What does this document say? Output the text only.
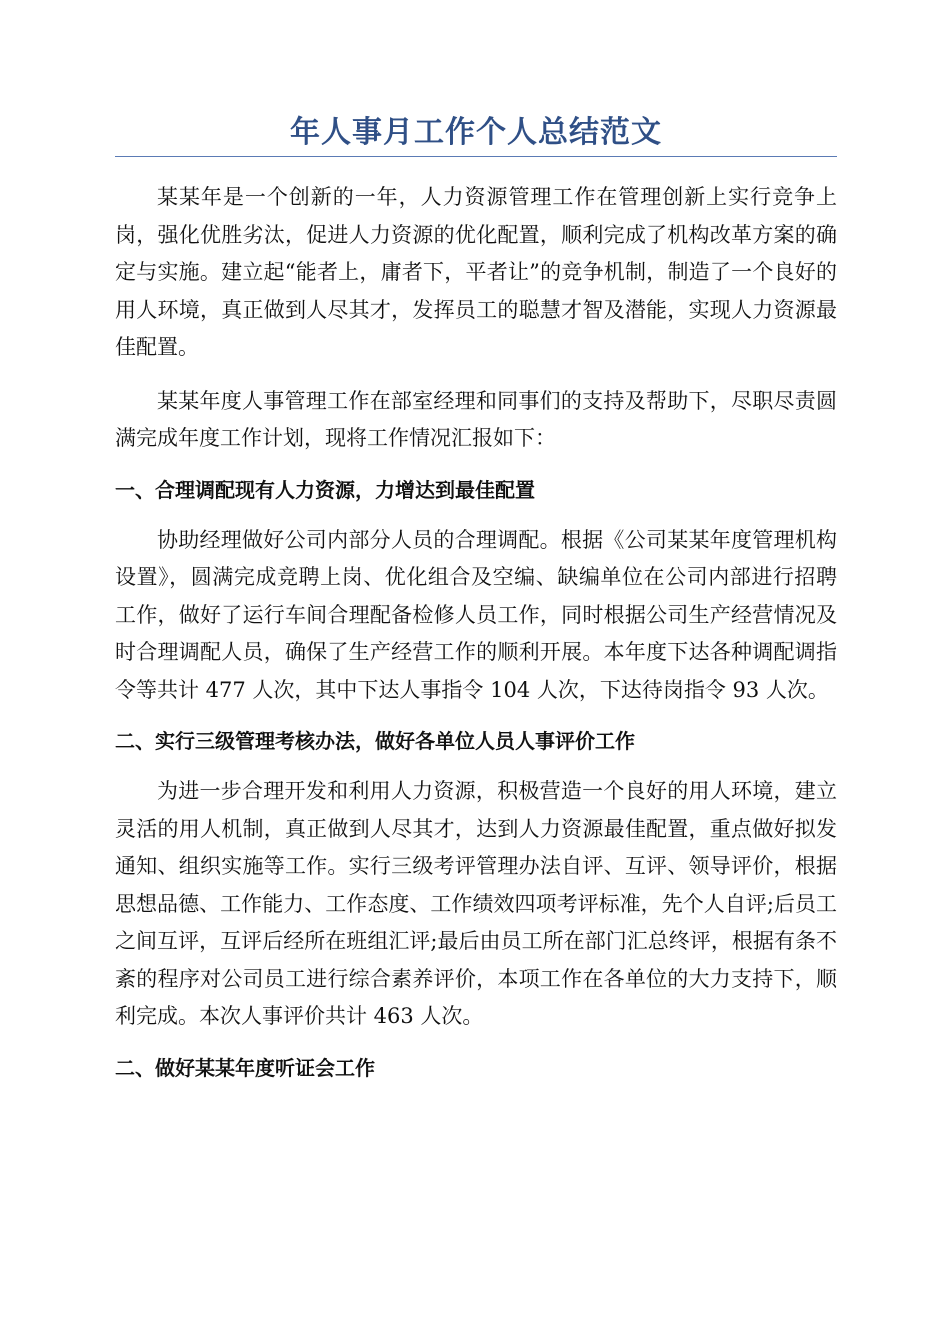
年人事月工作个人总结范文

某某年是一个创新的一年，人力资源管理工作在管理创新上实行竞争上岗，强化优胜劣汰，促进人力资源的优化配置，顺利完成了机构改革方案的确定与实施。建立起“能者上，庸者下，平者让”的竞争机制，制造了一个良好的用人环境，真正做到人尽其才，发挥员工的聪慧才智及潜能，实现人力资源最佳配置。

某某年度人事管理工作在部室经理和同事们的支持及帮助下，尽职尽责圆满完成年度工作计划，现将工作情况汇报如下：

一、合理调配现有人力资源，力增达到最佳配置

协助经理做好公司内部分人员的合理调配。根据《公司某某年度管理机构设置》，圆满完成竞聘上岗、优化组合及空编、缺编单位在公司内部进行招聘工作，做好了运行车间合理配备检修人员工作，同时根据公司生产经营情况及时合理调配人员，确保了生产经营工作的顺利开展。本年度下达各种调配调指令等共计 477 人次，其中下达人事指令 104 人次，下达待岗指令 93 人次。

二、实行三级管理考核办法，做好各单位人员人事评价工作

为进一步合理开发和利用人力资源，积极营造一个良好的用人环境，建立灵活的用人机制，真正做到人尽其才，达到人力资源最佳配置，重点做好拟发通知、组织实施等工作。实行三级考评管理办法自评、互评、领导评价，根据思想品德、工作能力、工作态度、工作绩效四项考评标准，先个人自评;后员工之间互评，互评后经所在班组汇评;最后由员工所在部门汇总终评，根据有条不紊的程序对公司员工进行综合素养评价，本项工作在各单位的大力支持下，顺利完成。本次人事评价共计 463 人次。

二、做好某某年度听证会工作
